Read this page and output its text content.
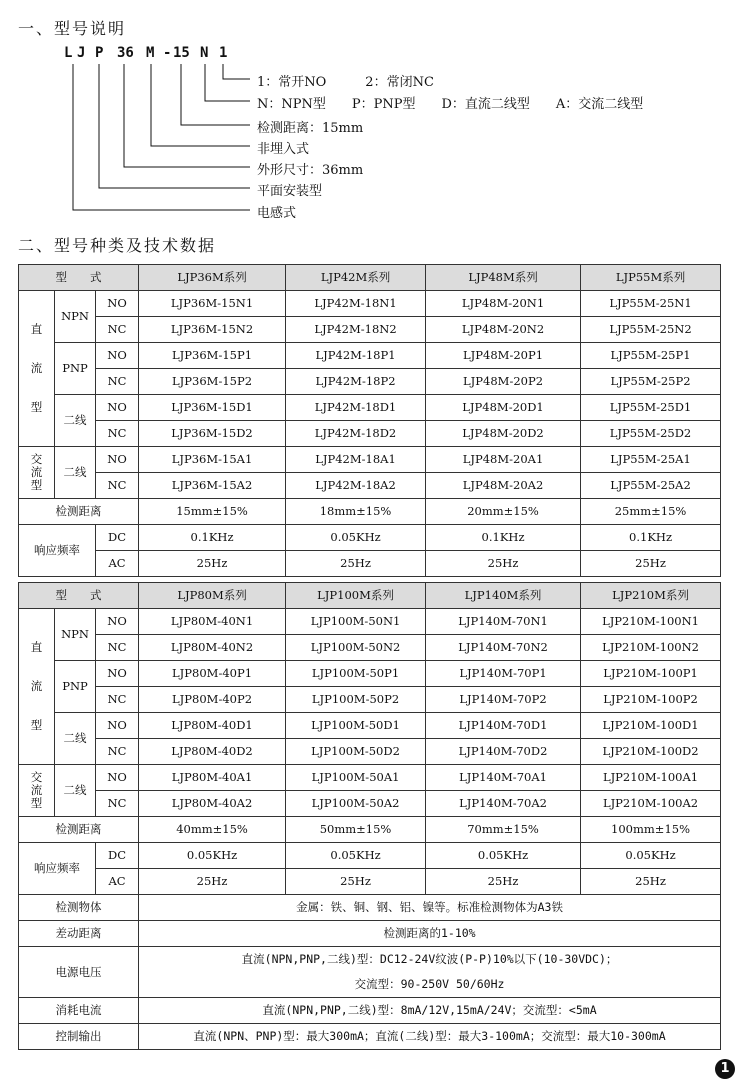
一、型号说明
L J P 36 M - 15 N 1
1：常开NO　　　2：常闭NC
N：NPN型　　P：PNP型　　D：直流二线型　　A：交流二线型
检测距离：15mm
非埋入式
外形尺寸：36mm
平面安装型
电感式
二、型号种类及技术数据
型　　式			LJP36M系列	LJP42M系列	LJP48M系列	LJP55M系列

直

流

型	NPN	NO	LJP36M-15N1	LJP42M-18N1	LJP48M-20N1	LJP55M-25N1
		NC	LJP36M-15N2	LJP42M-18N2	LJP48M-20N2	LJP55M-25N2
	PNP	NO	LJP36M-15P1	LJP42M-18P1	LJP48M-20P1	LJP55M-25P1
		NC	LJP36M-15P2	LJP42M-18P2	LJP48M-20P2	LJP55M-25P2
	二线	NO	LJP36M-15D1	LJP42M-18D1	LJP48M-20D1	LJP55M-25D1
		NC	LJP36M-15D2	LJP42M-18D2	LJP48M-20D2	LJP55M-25D2

交
流
型	二线	NO	LJP36M-15A1	LJP42M-18A1	LJP48M-20A1	LJP55M-25A1
		NC	LJP36M-15A2	LJP42M-18A2	LJP48M-20A2	LJP55M-25A2
检测距离			15mm±15%	18mm±15%	20mm±15%	25mm±15%
响应频率		DC	0.1KHz	0.05KHz	0.1KHz	0.1KHz
		AC	25Hz	25Hz	25Hz	25Hz
型　　式			LJP80M系列	LJP100M系列	LJP140M系列	LJP210M系列

直

流

型	NPN	NO	LJP80M-40N1	LJP100M-50N1	LJP140M-70N1	LJP210M-100N1
		NC	LJP80M-40N2	LJP100M-50N2	LJP140M-70N2	LJP210M-100N2
	PNP	NO	LJP80M-40P1	LJP100M-50P1	LJP140M-70P1	LJP210M-100P1
		NC	LJP80M-40P2	LJP100M-50P2	LJP140M-70P2	LJP210M-100P2
	二线	NO	LJP80M-40D1	LJP100M-50D1	LJP140M-70D1	LJP210M-100D1
		NC	LJP80M-40D2	LJP100M-50D2	LJP140M-70D2	LJP210M-100D2

交
流
型	二线	NO	LJP80M-40A1	LJP100M-50A1	LJP140M-70A1	LJP210M-100A1
		NC	LJP80M-40A2	LJP100M-50A2	LJP140M-70A2	LJP210M-100A2
检测距离			40mm±15%	50mm±15%	70mm±15%	100mm±15%
响应频率		DC	0.05KHz	0.05KHz	0.05KHz	0.05KHz
		AC	25Hz	25Hz	25Hz	25Hz
检测物体			金属：铁、铜、钢、铝、镍等。标准检测物体为A3铁			
差动距离			检测距离的1-10%			
电源电压			直流(NPN,PNP,二线)型：DC12-24V纹波(P-P)10%以下(10-30VDC)；			
			交流型：90-250V 50/60Hz			
消耗电流			直流(NPN,PNP,二线)型：8mA/12V,15mA/24V；交流型：<5mA			
控制输出			直流(NPN、PNP)型：最大300mA；直流(二线)型：最大3-100mA；交流型：最大10-300mA			
1
